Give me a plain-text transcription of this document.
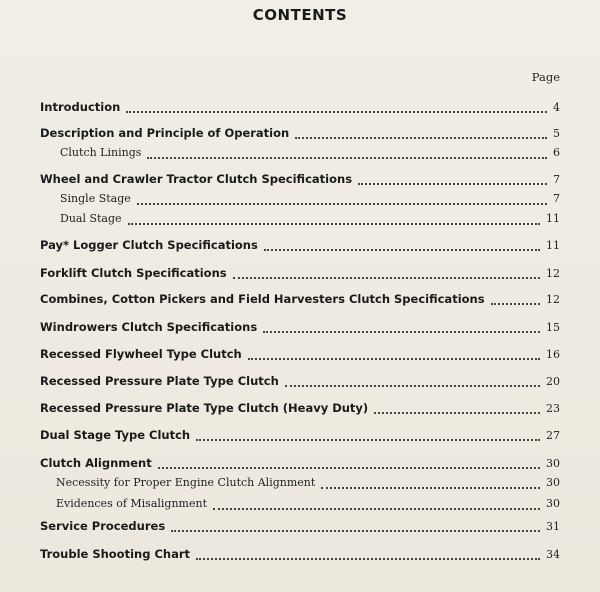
CONTENTS
Page
Introduction	4
Description and Principle of Operation	5
Clutch Linings	6
Wheel and Crawler Tractor Clutch Specifications	7
Single Stage	7
Dual Stage	11
Pay* Logger Clutch Specifications	11
Forklift Clutch Specifications	12
Combines, Cotton Pickers and Field Harvesters Clutch Specifications	12
Windrowers Clutch Specifications	15
Recessed Flywheel Type Clutch	16
Recessed Pressure Plate Type Clutch	20
Recessed Pressure Plate Type Clutch (Heavy Duty)	23
Dual Stage Type Clutch	27
Clutch Alignment	30
Necessity for Proper Engine Clutch Alignment	30
Evidences of Misalignment	30
Service Procedures	31
Trouble Shooting Chart	34
